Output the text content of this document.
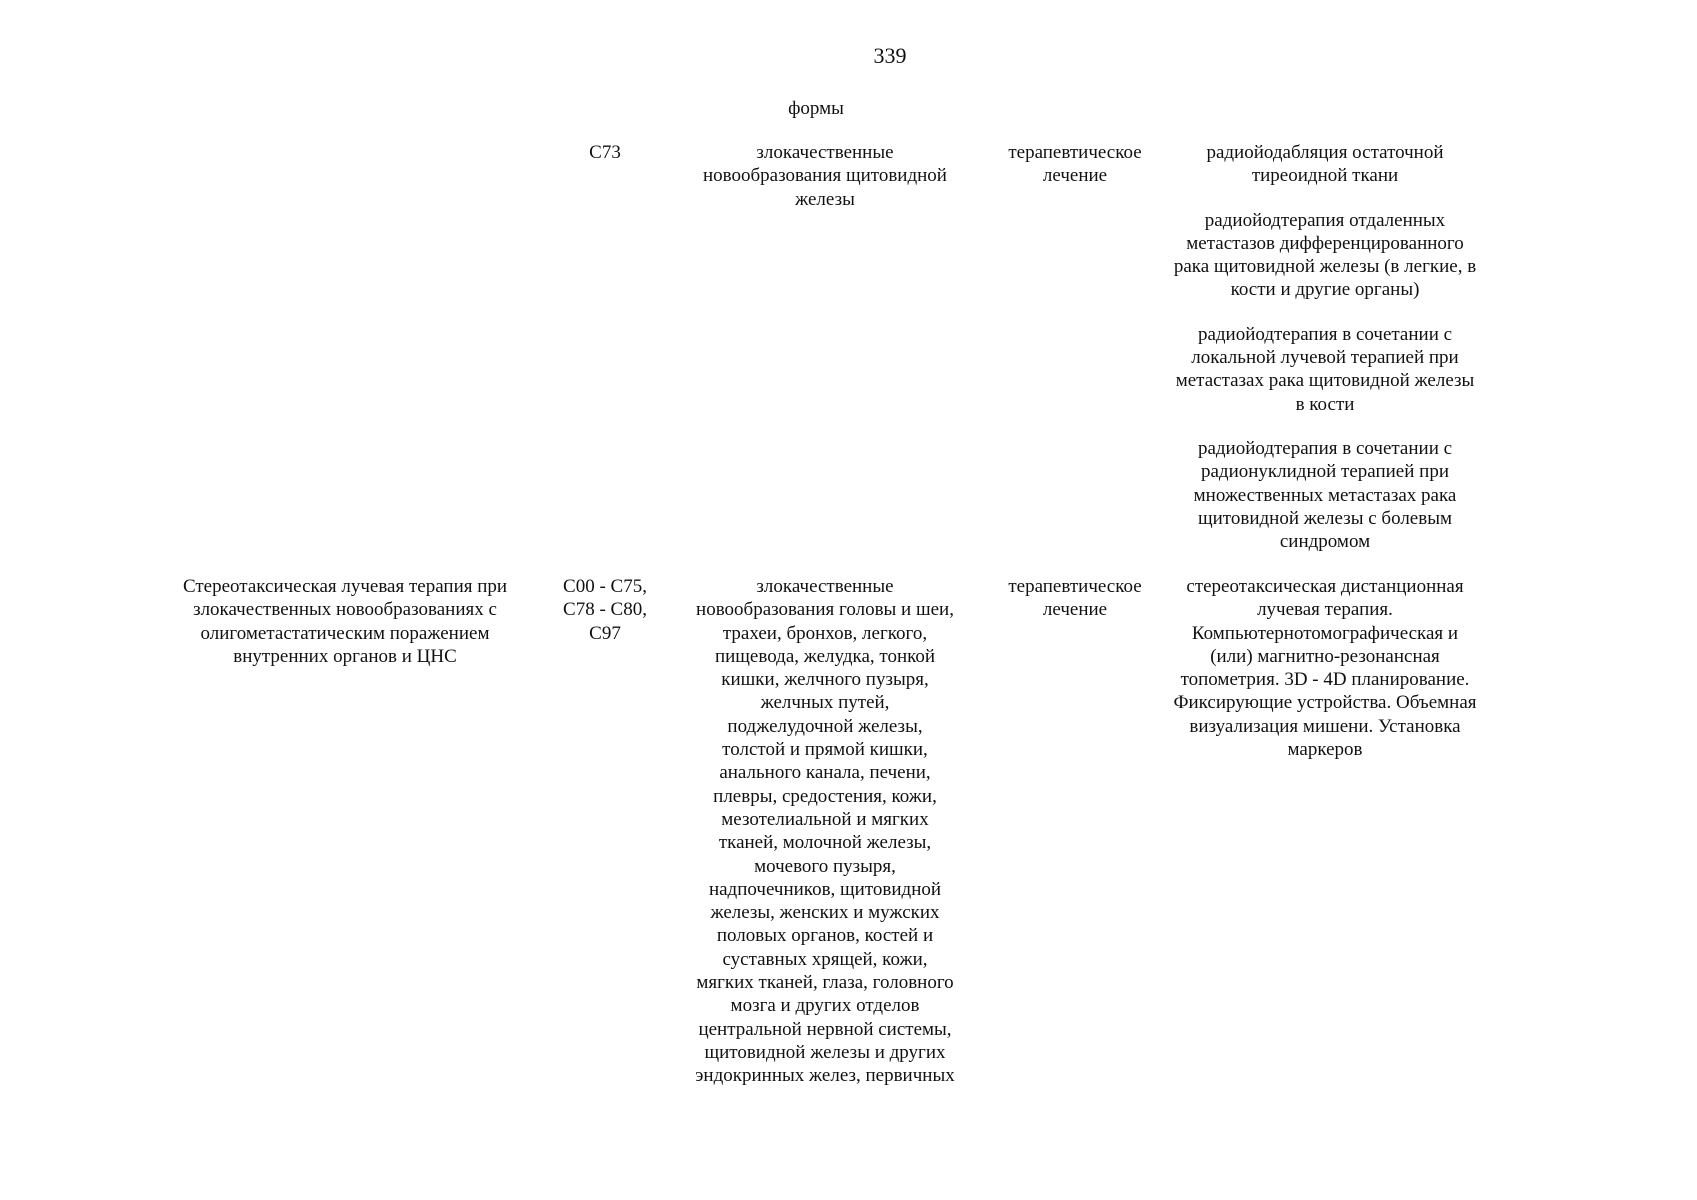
339
формы
C73	злокачественные
новообразования щитовидной
железы
терапевтическое
лечение
радиойодабляция остаточной
тиреоидной ткани
радиойодтерапия отдаленных
метастазов дифференцированного
рака щитовидной железы (в легкие, в
кости и другие органы)
радиойодтерапия в сочетании с
локальной лучевой терапией при
метастазах рака щитовидной железы
в кости
радиойодтерапия в сочетании с
радионуклидной терапией при
множественных метастазах рака
щитовидной железы с болевым
синдромом
Стереотаксическая лучевая терапия при
злокачественных новообразованиях с
олигометастатическим поражением
внутренних органов и ЦНС
C00 - C75,
C78 - C80,
C97
злокачественные
новообразования головы и шеи,
трахеи, бронхов, легкого,
пищевода, желудка, тонкой
кишки, желчного пузыря,
желчных путей,
поджелудочной железы,
толстой и прямой кишки,
анального канала, печени,
плевры, средостения, кожи,
мезотелиальной и мягких
тканей, молочной железы,
мочевого пузыря,
надпочечников, щитовидной
железы, женских и мужских
половых органов, костей и
суставных хрящей, кожи,
мягких тканей, глаза, головного
мозга и других отделов
центральной нервной системы,
щитовидной железы и других
эндокринных желез, первичных
терапевтическое
лечение
стереотаксическая дистанционная
лучевая терапия.
Компьютернотомографическая и
(или) магнитно-резонансная
топометрия. 3D - 4D планирование.
Фиксирующие устройства. Объемная
визуализация мишени. Установка
маркеров
